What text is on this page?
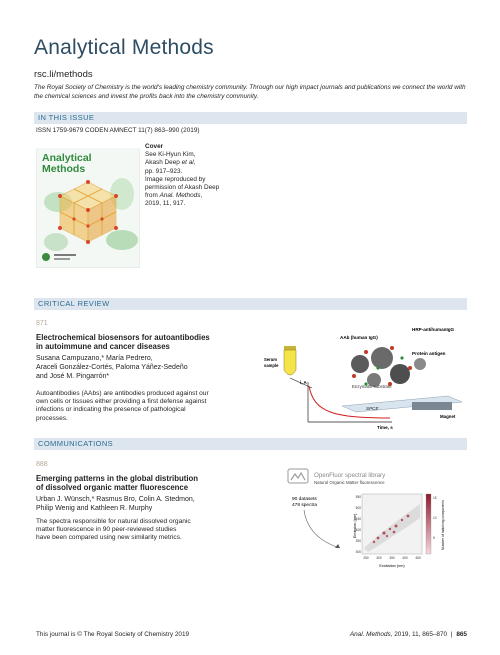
Analytical Methods
rsc.li/methods
The Royal Society of Chemistry is the world's leading chemistry community. Through our high impact journals and publications we connect the world with the chemical sciences and invest the profits back into the chemistry community.
IN THIS ISSUE
ISSN 1759-9679 CODEN AMNECT 11(7) 863–990 (2019)
Analytical
Methods
Cover
See Ki-Hyun Kim,
Akash Deep et al,
pp. 917–923.
Image reproduced by
permission of Akash Deep
from Anal. Methods,
2019, 11, 917.
CRITICAL REVIEW
871
Electrochemical biosensors for autoantibodies
in autoimmune and cancer diseases
Susana Campuzano,* María Pedrero,
Araceli González-Cortés, Paloma Yáñez-Sedeño
and José M. Pingarrón*
Autoantibodies (AAbs) are antibodies produced against our
own cells or tissues either providing a first defense against
infections or indicating the presence of pathological
processes.
HRP-antihumanIgG
AAb (human IgG)
Protein antigen
Serum
sample
i, A
Time, s
Enzymatic substrate
SPCE
Magnet
COMMUNICATIONS
888
Emerging patterns in the global distribution
of dissolved organic matter fluorescence
Urban J. Wünsch,* Rasmus Bro, Colin A. Stedmon,
Philip Wenig and Kathleen R. Murphy
The spectra responsible for natural dissolved organic
matter fluorescence in 90 peer-reviewed studies
have been compared using new similarity metrics.
OpenFluor spectral library
Natural Organic Matter fluorescence
90 datasets
478 spectra
Emission (nm)
550
500
450
400
350
300
250 300 350 400 450
Excitation (nm)
15
10
5 Number of matching components
This journal is © The Royal Society of Chemistry 2019	Anal. Methods, 2019, 11, 865–870 | 865
